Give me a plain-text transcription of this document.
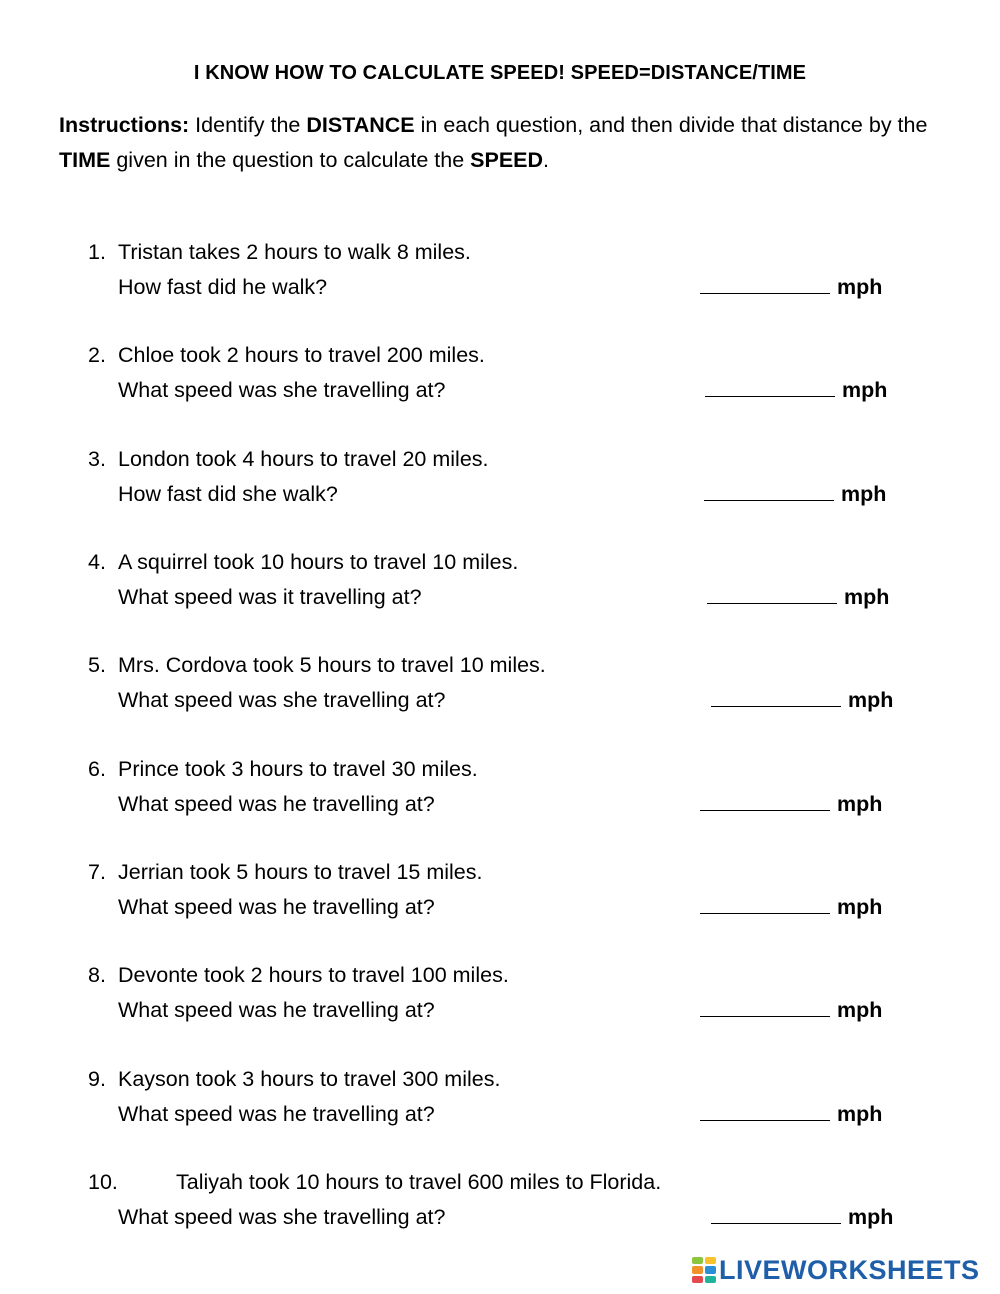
I KNOW HOW TO CALCULATE SPEED! SPEED=DISTANCE/TIME
Instructions: Identify the DISTANCE in each question, and then divide that distance by the TIME given in the question to calculate the SPEED.
1. Tristan takes 2 hours to walk 8 miles.
How fast did he walk?	mph
2. Chloe took 2 hours to travel 200 miles.
What speed was she travelling at?	mph
3. London took 4 hours to travel 20 miles.
How fast did she walk?	mph
4. A squirrel took 10 hours to travel 10 miles.
What speed was it travelling at?	mph
5. Mrs. Cordova took 5 hours to travel 10 miles.
What speed was she travelling at?	mph
6. Prince took 3 hours to travel 30 miles.
What speed was he travelling at?	mph
7. Jerrian took 5 hours to travel 15 miles.
What speed was he travelling at?	mph
8. Devonte took 2 hours to travel 100 miles.
What speed was he travelling at?	mph
9. Kayson took 3 hours to travel 300 miles.
What speed was he travelling at?	mph
10.	Taliyah took 10 hours to travel 600 miles to Florida.
What speed was she travelling at?	mph
LIVEWORKSHEETS
